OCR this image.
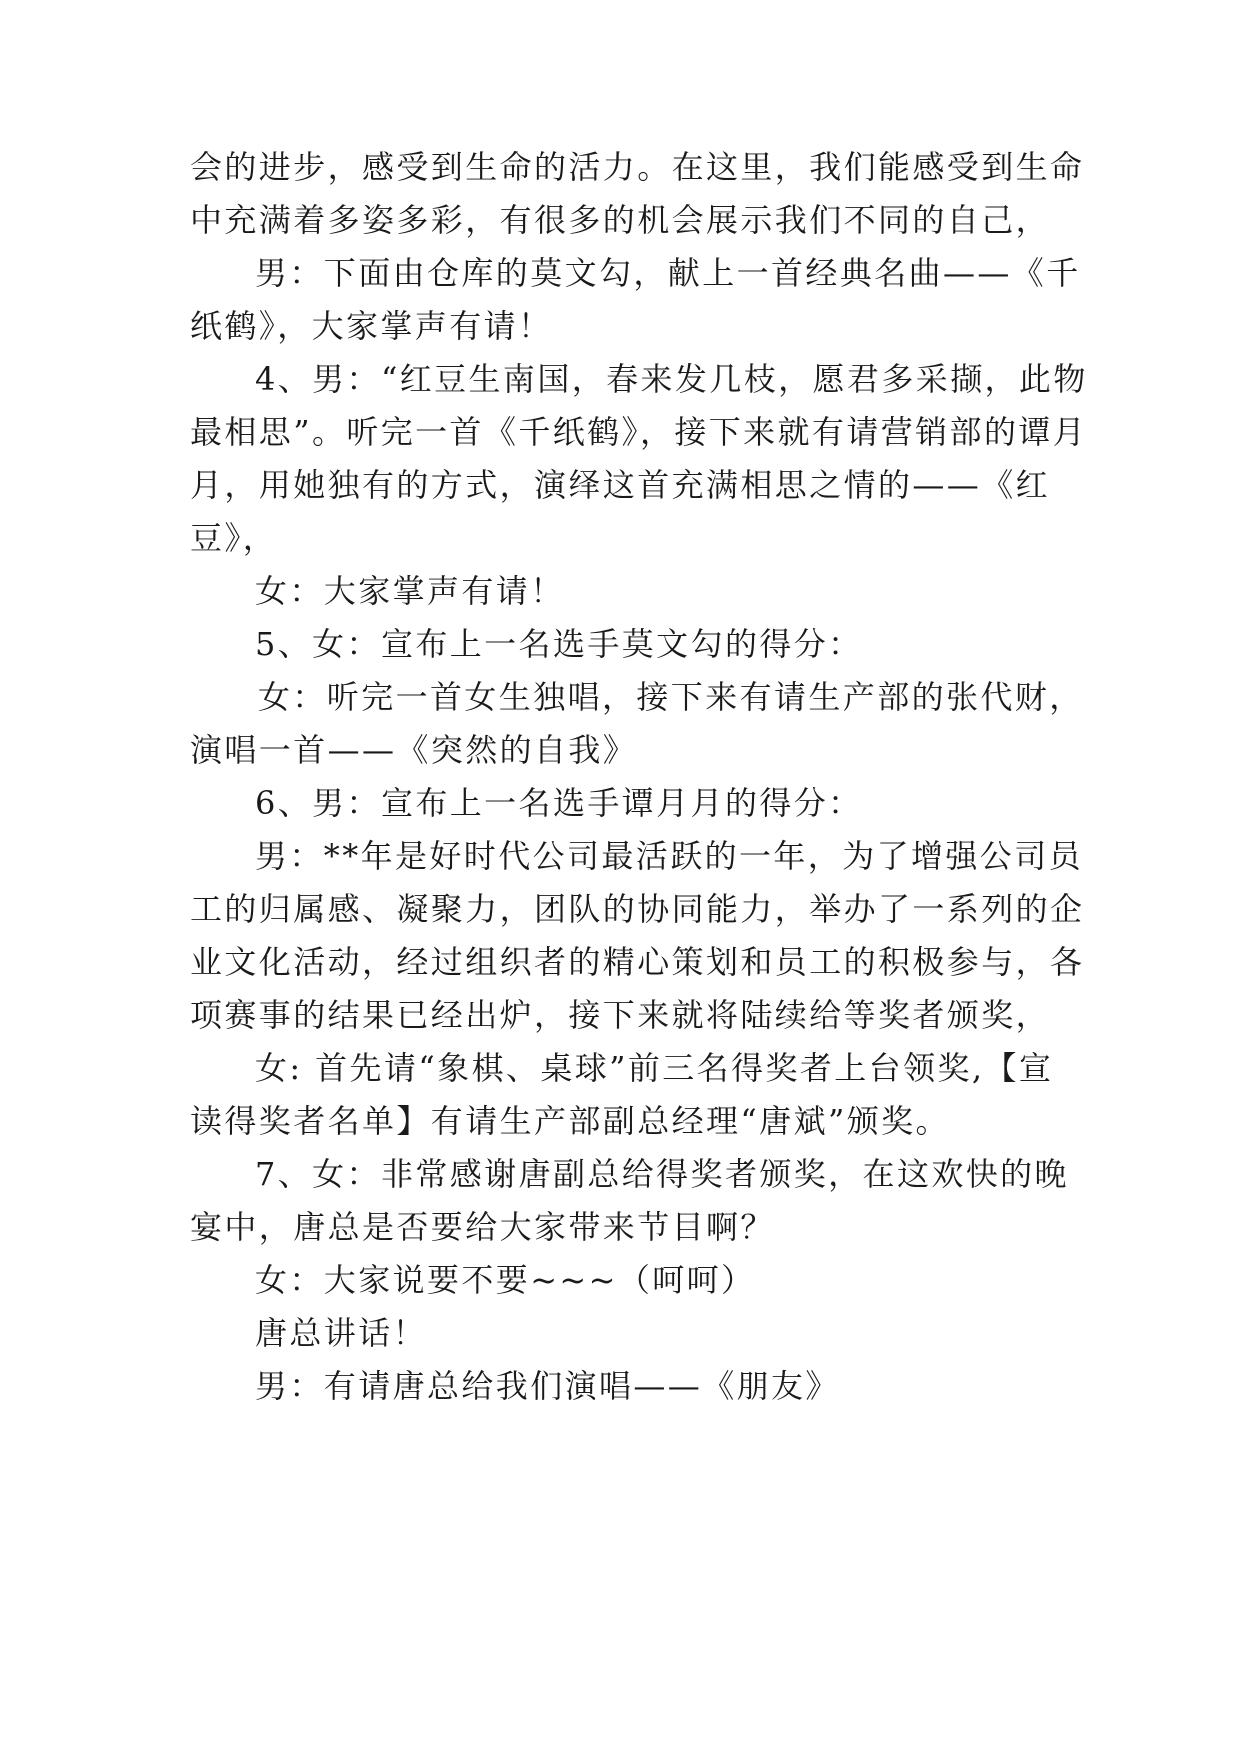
会的进步，感受到生命的活力。在这里，我们能感受到生命
中充满着多姿多彩，有很多的机会展示我们不同的自己，
男：下面由仓库的莫文勾，献上一首经典名曲——《千
纸鹤》，大家掌声有请！
4、男：“红豆生南国，春来发几枝，愿君多采撷，此物
最相思”。听完一首《千纸鹤》，接下来就有请营销部的谭月
月，用她独有的方式，演绎这首充满相思之情的——《红
豆》，
女：大家掌声有请！
5、女：宣布上一名选手莫文勾的得分：
女：听完一首女生独唱，接下来有请生产部的张代财，
演唱一首——《突然的自我》
6、男：宣布上一名选手谭月月的得分：
男：**年是好时代公司最活跃的一年，为了增强公司员
工的归属感、凝聚力，团队的协同能力，举办了一系列的企
业文化活动，经过组织者的精心策划和员工的积极参与，各
项赛事的结果已经出炉，接下来就将陆续给等奖者颁奖，
女: 首先请“象棋、桌球”前三名得奖者上台领奖,【宣
读得奖者名单】有请生产部副总经理“唐斌”颁奖。
7、女：非常感谢唐副总给得奖者颁奖，在这欢快的晚
宴中，唐总是否要给大家带来节目啊？
女：大家说要不要~~~（呵呵）
唐总讲话！
男：有请唐总给我们演唱——《朋友》
